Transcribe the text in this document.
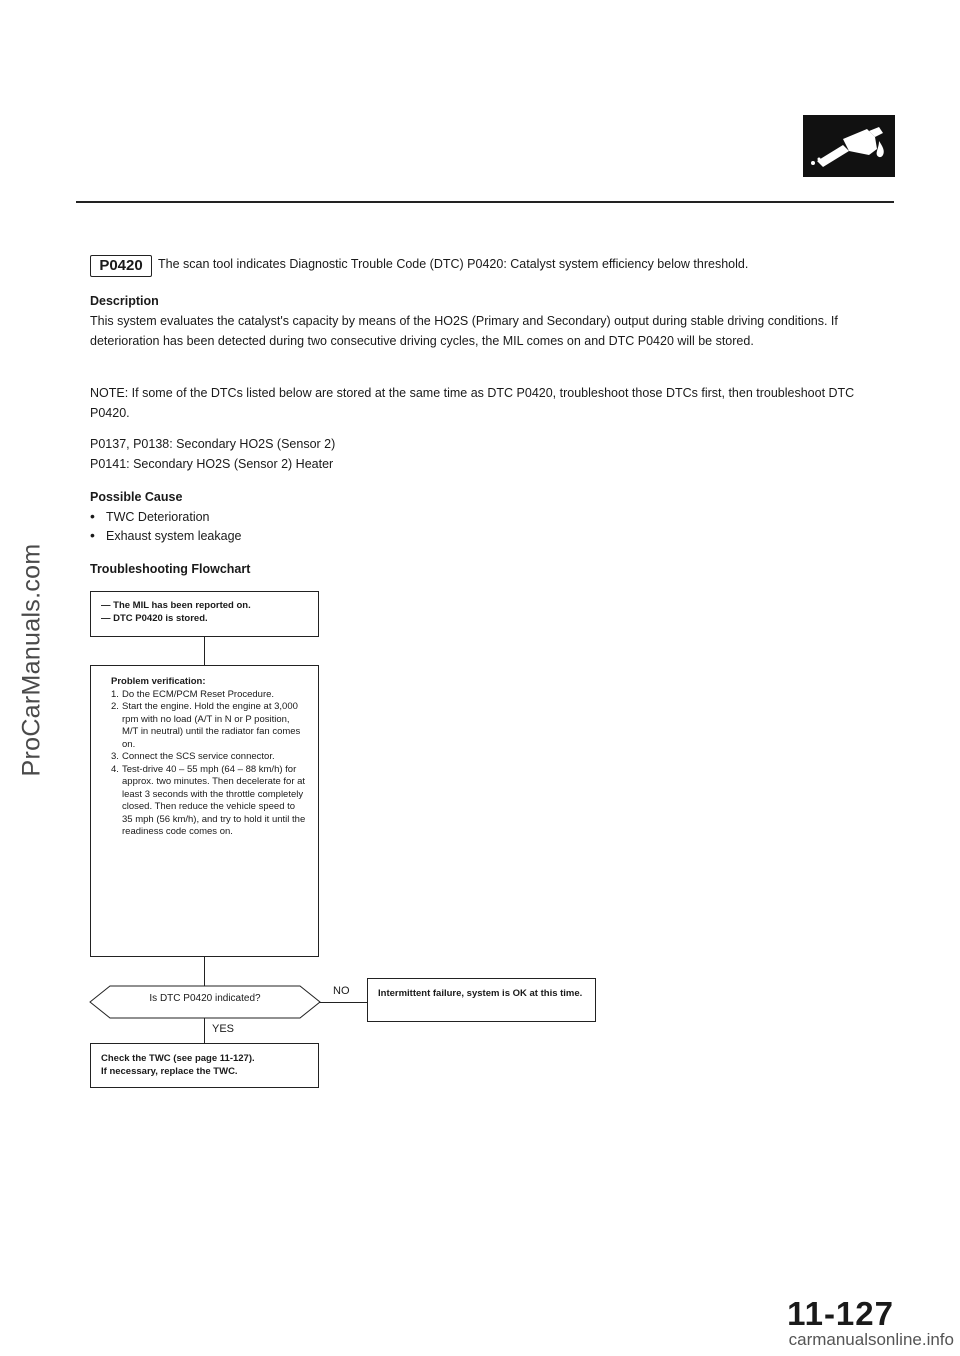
ProCarManuals.com
P0420	The scan tool indicates Diagnostic Trouble Code (DTC) P0420: Catalyst system efficiency below threshold.
Description
This system evaluates the catalyst's capacity by means of the HO2S (Primary and Secondary) output during stable driving conditions. If deterioration has been detected during two consecutive driving cycles, the MIL comes on and DTC P0420 will be stored.
NOTE: If some of the DTCs listed below are stored at the same time as DTC P0420, troubleshoot those DTCs first, then troubleshoot DTC P0420.
P0137, P0138: Secondary HO2S (Sensor 2)
P0141: Secondary HO2S (Sensor 2) Heater
Possible Cause
• TWC Deterioration
• Exhaust system leakage
Troubleshooting Flowchart
— The MIL has been reported on.
— DTC P0420 is stored.
Problem verification:
1. Do the ECM/PCM Reset Procedure.
2. Start the engine. Hold the engine at 3,000 rpm with no load (A/T in N or P position, M/T in neutral) until the radiator fan comes on.
3. Connect the SCS service connector.
4. Test-drive 40 – 55 mph (64 – 88 km/h) for approx. two minutes. Then decelerate for at least 3 seconds with the throttle completely closed. Then reduce the vehicle speed to 35 mph (56 km/h), and try to hold it until the readiness code comes on.
Is DTC P0420 indicated?
NO
YES
Intermittent failure, system is OK at this time.
Check the TWC (see page 11-127).
If necessary, replace the TWC.
11-127
carmanualsonline.info
